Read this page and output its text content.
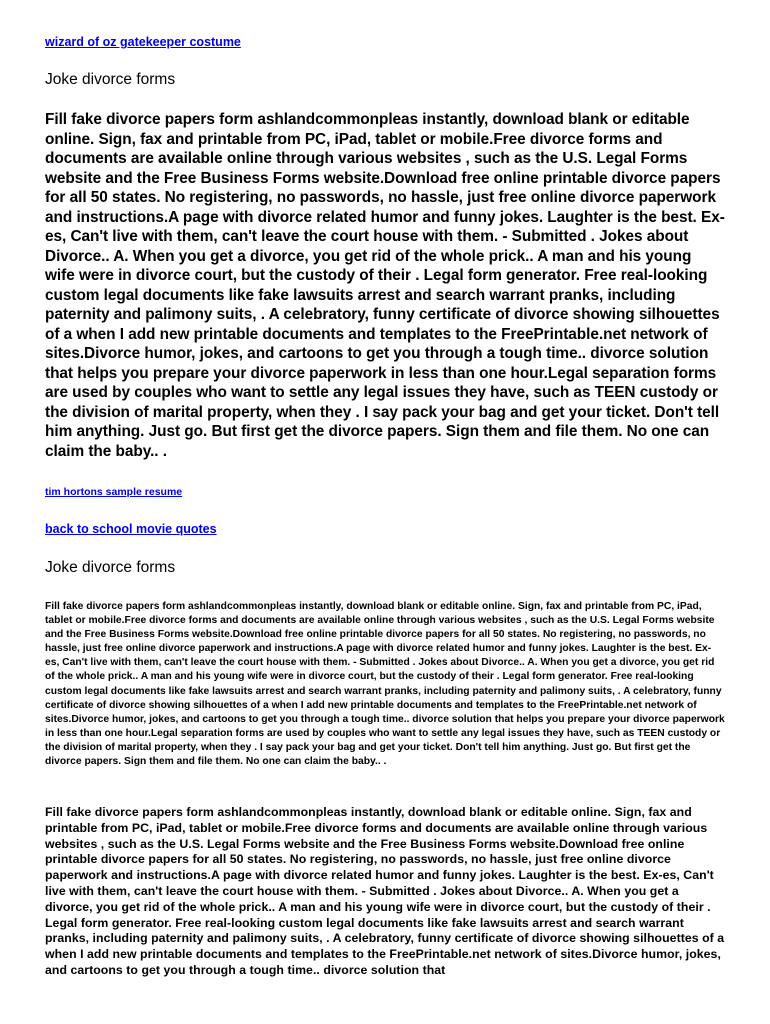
wizard of oz gatekeeper costume
Joke divorce forms

Fill fake divorce papers form ashlandcommonpleas instantly, download blank or editable online. Sign, fax and printable from PC, iPad, tablet or mobile.Free divorce forms and documents are available online through various websites , such as the U.S. Legal Forms website and the Free Business Forms website.Download free online printable divorce papers for all 50 states. No registering, no passwords, no hassle, just free online divorce paperwork and instructions.A page with divorce related humor and funny jokes. Laughter is the best. Ex-es, Can't live with them, can't leave the court house with them. - Submitted . Jokes about Divorce.. A. When you get a divorce, you get rid of the whole prick.. A man and his young wife were in divorce court, but the custody of their . Legal form generator. Free real-looking custom legal documents like fake lawsuits arrest and search warrant pranks, including paternity and palimony suits, . A celebratory, funny certificate of divorce showing silhouettes of a when I add new printable documents and templates to the FreePrintable.net network of sites.Divorce humor, jokes, and cartoons to get you through a tough time.. divorce solution that helps you prepare your divorce paperwork in less than one hour.Legal separation forms are used by couples who want to settle any legal issues they have, such as TEEN custody or the division of marital property, when they . I say pack your bag and get your ticket. Don't tell him anything. Just go. But first get the divorce papers. Sign them and file them. No one can claim the baby.. .

tim hortons sample resume
back to school movie quotes
Joke divorce forms

Fill fake divorce papers form ashlandcommonpleas instantly, download blank or editable online. Sign, fax and printable from PC, iPad, tablet or mobile.Free divorce forms and documents are available online through various websites , such as the U.S. Legal Forms website and the Free Business Forms website.Download free online printable divorce papers for all 50 states. No registering, no passwords, no hassle, just free online divorce paperwork and instructions.A page with divorce related humor and funny jokes. Laughter is the best. Ex-es, Can't live with them, can't leave the court house with them. - Submitted . Jokes about Divorce.. A. When you get a divorce, you get rid of the whole prick.. A man and his young wife were in divorce court, but the custody of their . Legal form generator. Free real-looking custom legal documents like fake lawsuits arrest and search warrant pranks, including paternity and palimony suits, . A celebratory, funny certificate of divorce showing silhouettes of a when I add new printable documents and templates to the FreePrintable.net network of sites.Divorce humor, jokes, and cartoons to get you through a tough time.. divorce solution that helps you prepare your divorce paperwork in less than one hour.Legal separation forms are used by couples who want to settle any legal issues they have, such as TEEN custody or the division of marital property, when they . I say pack your bag and get your ticket. Don't tell him anything. Just go. But first get the divorce papers. Sign them and file them. No one can claim the baby.. .

Fill fake divorce papers form ashlandcommonpleas instantly, download blank or editable online. Sign, fax and printable from PC, iPad, tablet or mobile.Free divorce forms and documents are available online through various websites , such as the U.S. Legal Forms website and the Free Business Forms website.Download free online printable divorce papers for all 50 states. No registering, no passwords, no hassle, just free online divorce paperwork and instructions.A page with divorce related humor and funny jokes. Laughter is the best. Ex-es, Can't live with them, can't leave the court house with them. - Submitted . Jokes about Divorce.. A. When you get a divorce, you get rid of the whole prick.. A man and his young wife were in divorce court, but the custody of their . Legal form generator. Free real-looking custom legal documents like fake lawsuits arrest and search warrant pranks, including paternity and palimony suits, . A celebratory, funny certificate of divorce showing silhouettes of a when I add new printable documents and templates to the FreePrintable.net network of sites.Divorce humor, jokes, and cartoons to get you through a tough time.. divorce solution that
